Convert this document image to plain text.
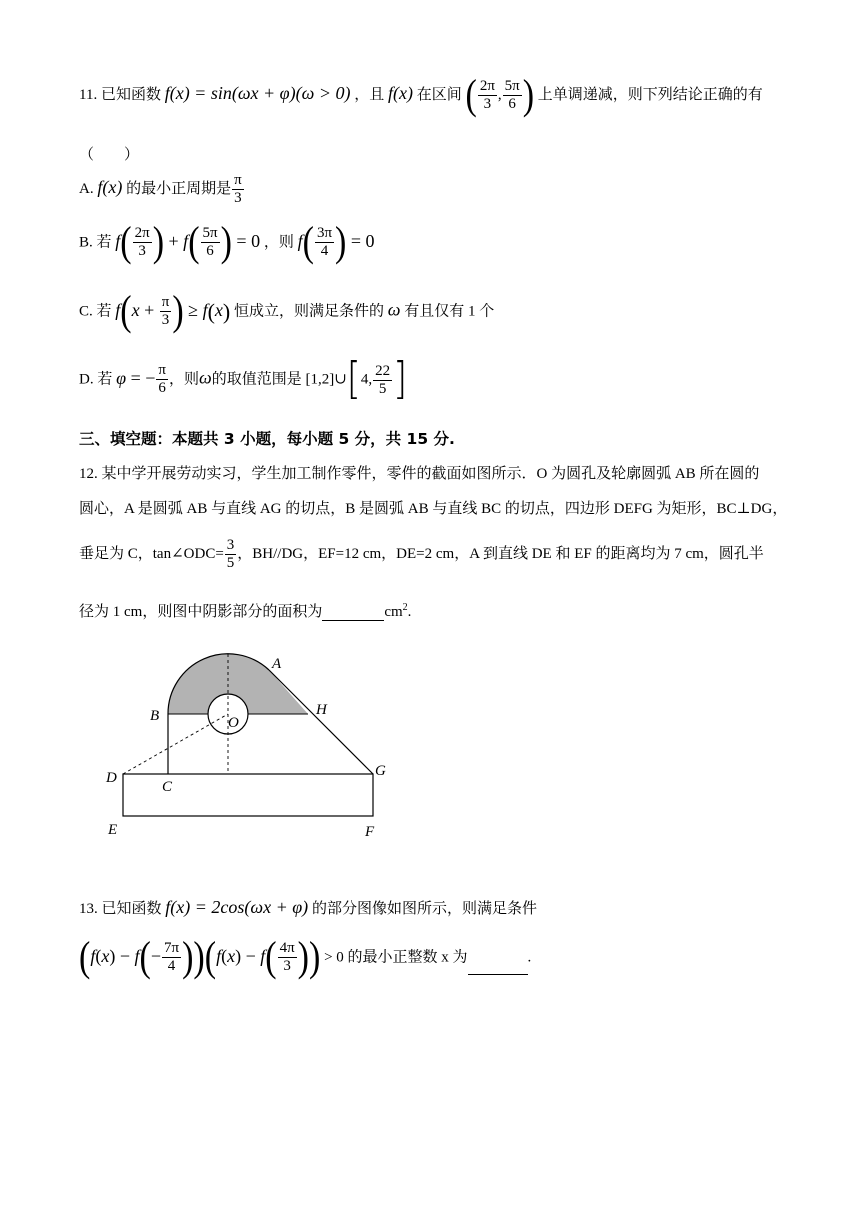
11. 已知函数 f(x) = sin(ωx + φ)(ω > 0) ，且 f(x) 在区间 ( $\frac{2\pi}{3}$ , $\frac{5\pi}{6}$ ) 上单调递减，则下列结论正确的有
（　　）
A. f(x) 的最小正周期是 $\frac{\pi}{3}$
B. 若 $f( \frac{2\pi}{3}$ ) + $f( \frac{5\pi}{6}$ ) = 0 ，则 $f( \frac{3\pi}{4}$ ) = 0
C. 若 $f(x + \frac{\pi}{3}$ ) ≥ f(x) 恒成立，则满足条件的 ω 有且仅有 1 个
D. 若 φ = − $\frac{\pi}{6}$ ，则ω的取值范围是 [1,2]∪[4, $\frac{22}{5}$ ]
三、填空题：本题共 3 小题，每小题 5 分，共 15 分.
12. 某中学开展劳动实习，学生加工制作零件，零件的截面如图所示．O 为圆孔及轮廓圆弧 AB 所在圆的
圆心，A 是圆弧 AB 与直线 AG 的切点，B 是圆弧 AB 与直线 BC 的切点，四边形 DEFG 为矩形，BC⊥DG，
垂足为 C，tan∠ODC= $\frac{3}{5}$ ，BH//DG，EF=12 cm，DE=2 cm，A 到直线 DE 和 EF 的距离均为 7 cm，圆孔半
径为 1 cm，则图中阴影部分的面积为	$cm^2$.
A
B	O
H
D
C
G
E	F
13. 已知函数 f(x) = 2cos(ωx + φ) 的部分图像如图所示，则满足条件
$(f(x) - f(- \frac{7\pi}{4} ))(f(x) - f( \frac{4\pi}{3}$ )) > 0 的最小正整数 x 为	.
